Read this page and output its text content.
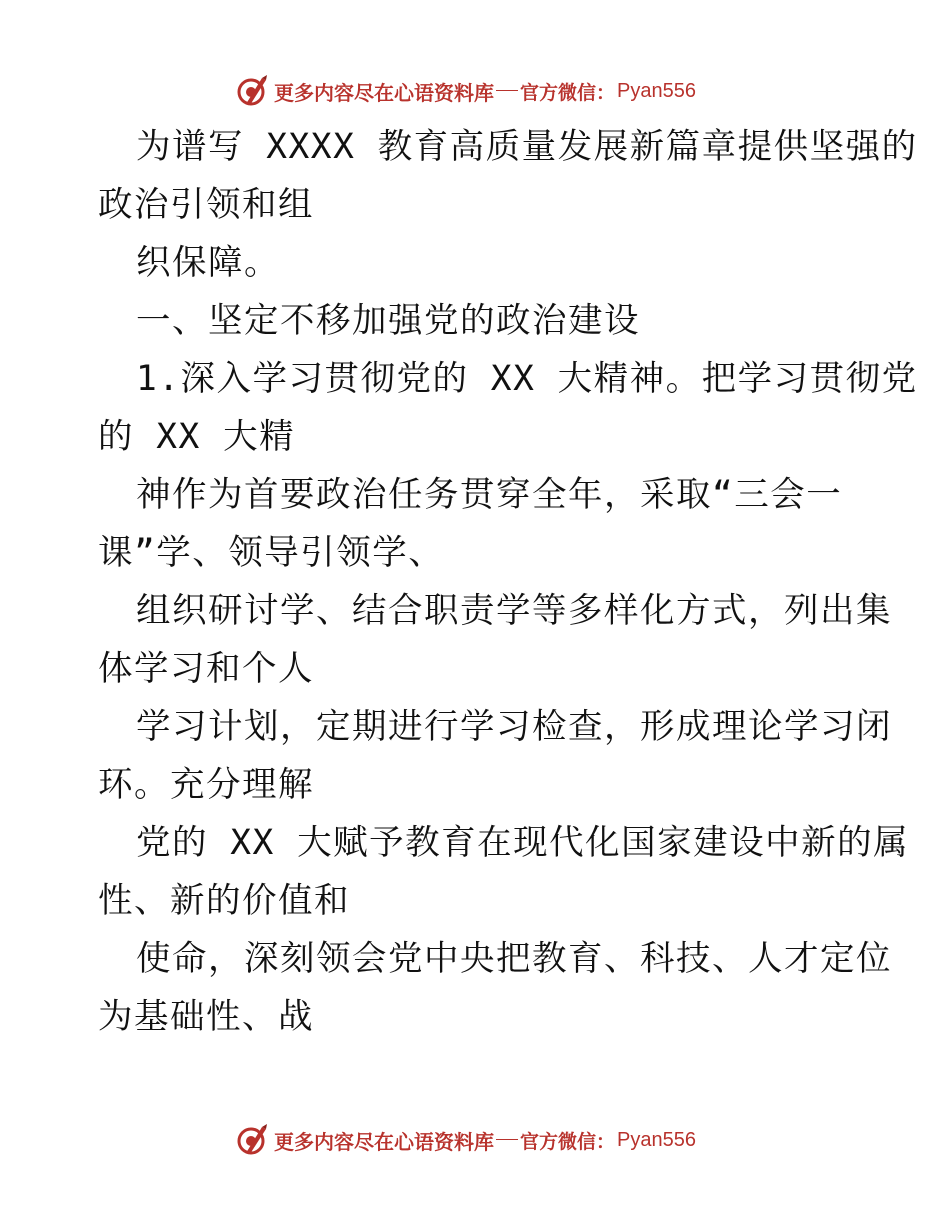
更多内容尽在心语资料库 官方微信： Pyan556
为谱写 XXXX 教育高质量发展新篇章提供坚强的
政治引领和组
织保障。
一、坚定不移加强党的政治建设
1.深入学习贯彻党的 XX 大精神。把学习贯彻党
的 XX 大精
神作为首要政治任务贯穿全年，采取“三会一
课”学、领导引领学、
组织研讨学、结合职责学等多样化方式，列出集
体学习和个人
学习计划，定期进行学习检查，形成理论学习闭
环。充分理解
党的 XX 大赋予教育在现代化国家建设中新的属
性、新的价值和
使命，深刻领会党中央把教育、科技、人才定位
为基础性、战
更多内容尽在心语资料库 官方微信： Pyan556
